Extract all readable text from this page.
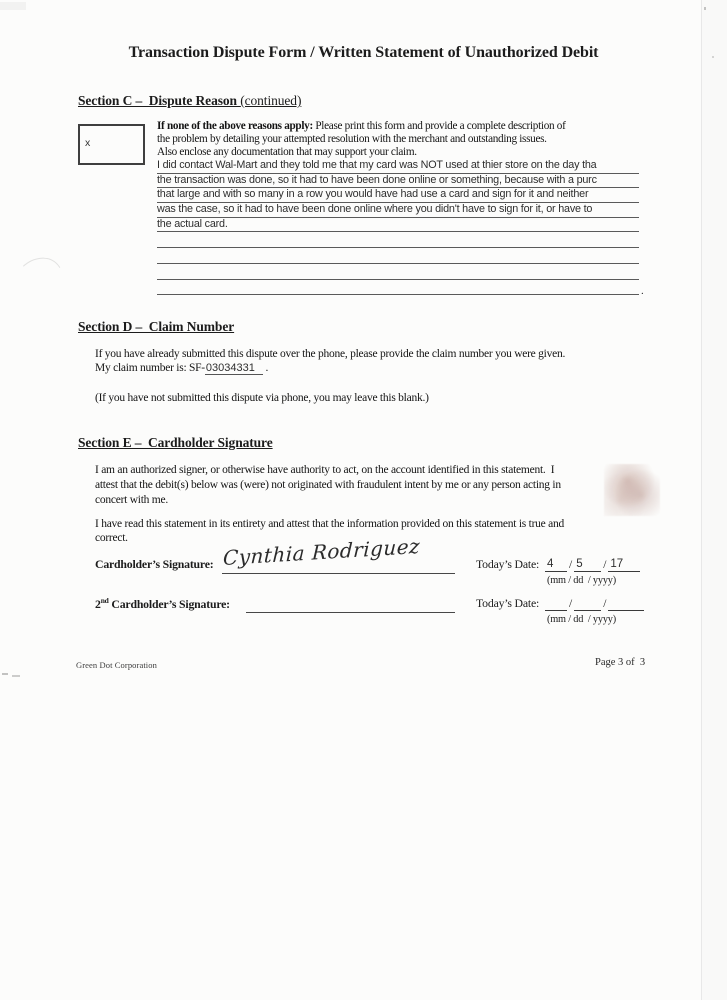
Transaction Dispute Form / Written Statement of Unauthorized Debit
Section C –  Dispute Reason (continued)
x
If none of the above reasons apply: Please print this form and provide a complete description of
the problem by detailing your attempted resolution with the merchant and outstanding issues.
Also enclose any documentation that may support your claim.
I did contact Wal-Mart and they told me that my card was NOT used at thier store on the day tha
the transaction was done, so it had to have been done online or something, because with a purc
that large and with so many in a row you would have had use a card and sign for it and neither
was the case, so it had to have been done online where you didn't have to sign for it, or have to
the actual card.
.
Section D –  Claim Number
If you have already submitted this dispute over the phone, please provide the claim number you were given.
My claim number is: SF-03034331 .
(If you have not submitted this dispute via phone, you may leave this blank.)
Section E –  Cardholder Signature
I am an authorized signer, or otherwise have authority to act, on the account identified in this statement.  I
attest that the debit(s) below was (were) not originated with fraudulent intent by me or any person acting in
concert with me.
I have read this statement in its entirety and attest that the information provided on this statement is true and
correct.
Cardholder’s Signature: Cynthia Rodriguez	Today’s Date: 4	/ 5	/ 17
(mm / dd  / yyyy)
2nd Cardholder’s Signature:	Today’s Date: /	/
(mm / dd  / yyyy)
Green Dot Corporation	Page 3 of  3
